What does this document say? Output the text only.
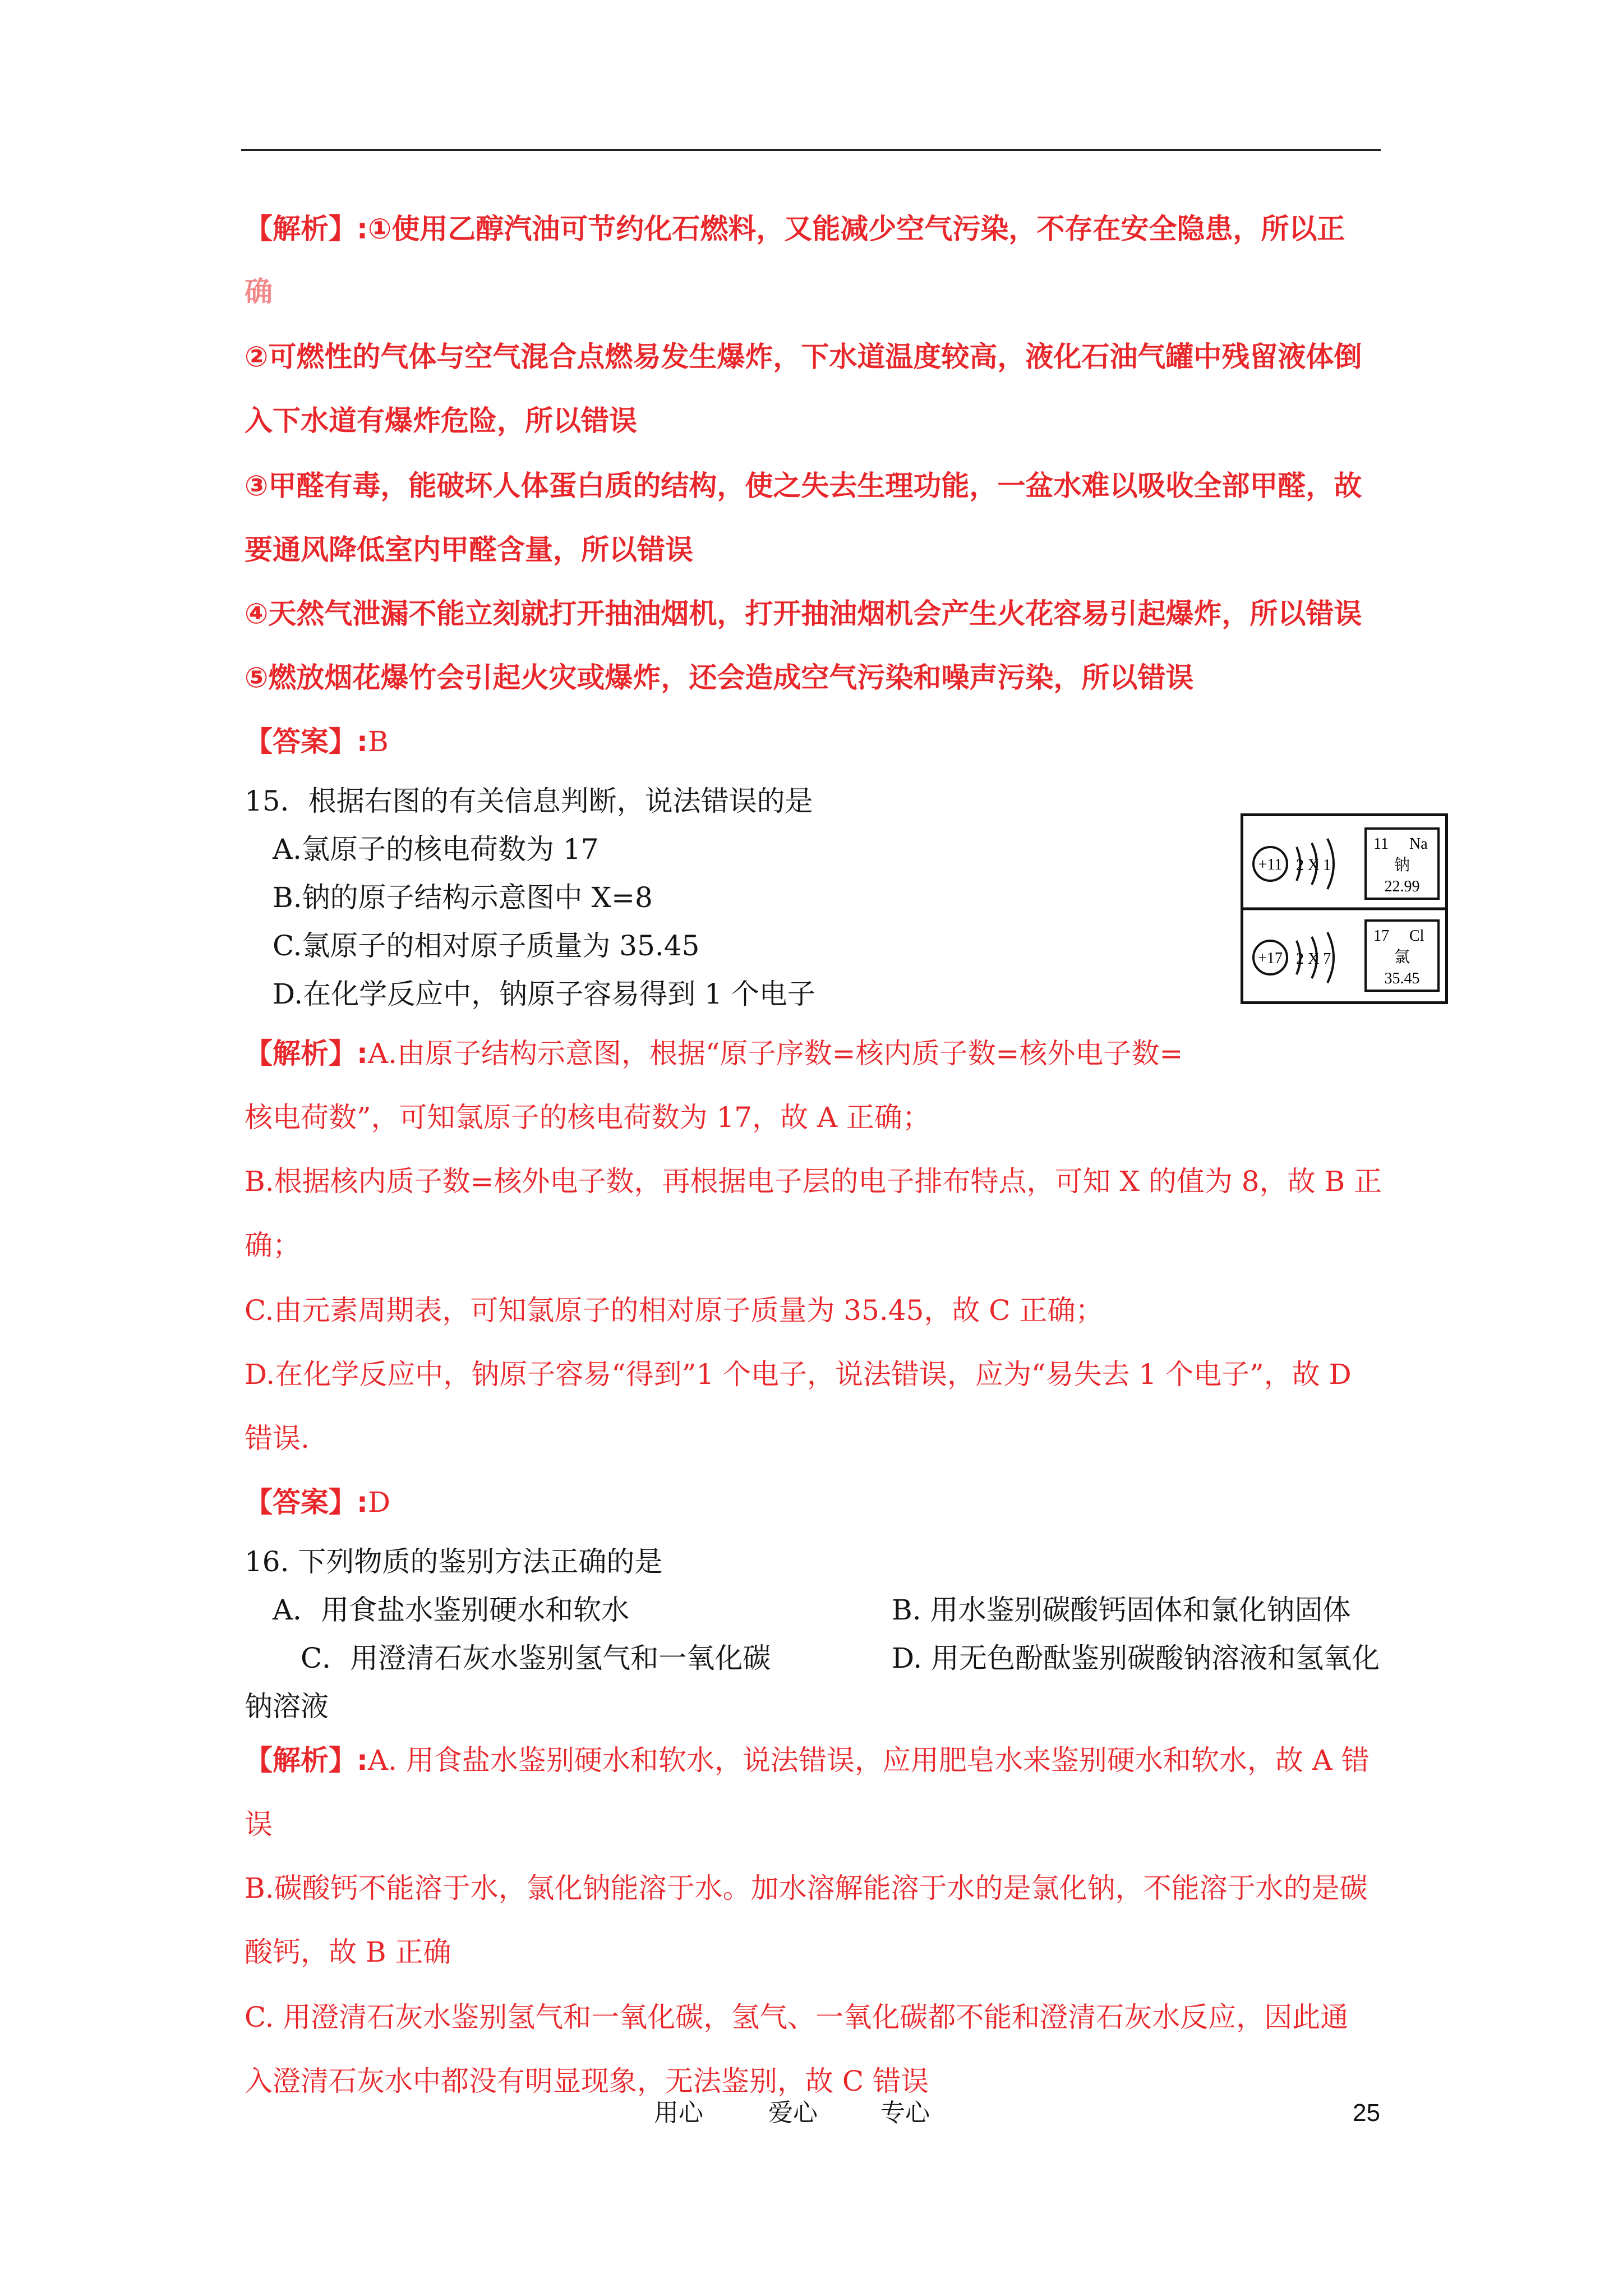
【解析】:①使用乙醇汽油可节约化石燃料，又能减少空气污染，不存在安全隐患，所以正
确
②可燃性的气体与空气混合点燃易发生爆炸，下水道温度较高，液化石油气罐中残留液体倒
入下水道有爆炸危险，所以错误
③甲醛有毒，能破坏人体蛋白质的结构，使之失去生理功能，一盆水难以吸收全部甲醛，故
要通风降低室内甲醛含量，所以错误
④天然气泄漏不能立刻就打开抽油烟机，打开抽油烟机会产生火花容易引起爆炸，所以错误
⑤燃放烟花爆竹会引起火灾或爆炸，还会造成空气污染和噪声污染，所以错误
【答案】:B
15．根据右图的有关信息判断，说法错误的是
A.氯原子的核电荷数为 17
B.钠的原子结构示意图中 X=8
C.氯原子的相对原子质量为 35.45
D.在化学反应中，钠原子容易得到 1 个电子
+11 2 X 1
11 Na
钠
22.99
+17 2 X 7
17 Cl
氯
35.45
【解析】:A.由原子结构示意图，根据“原子序数=核内质子数=核外电子数=
核电荷数”，可知氯原子的核电荷数为 17，故 A 正确；
B.根据核内质子数=核外电子数，再根据电子层的电子排布特点，可知 X 的值为 8，故 B 正
确；
C.由元素周期表，可知氯原子的相对原子质量为 35.45，故 C 正确；
D.在化学反应中，钠原子容易“得到”1 个电子，说法错误，应为“易失去 1 个电子”，故 D
错误.
【答案】:D
16. 下列物质的鉴别方法正确的是
A．用食盐水鉴别硬水和软水	B. 用水鉴别碳酸钙固体和氯化钠固体
C．用澄清石灰水鉴别氢气和一氧化碳	D. 用无色酚酞鉴别碳酸钠溶液和氢氧化
钠溶液
【解析】:A. 用食盐水鉴别硬水和软水，说法错误，应用肥皂水来鉴别硬水和软水，故 A 错
误
B.碳酸钙不能溶于水，氯化钠能溶于水。加水溶解能溶于水的是氯化钠，不能溶于水的是碳
酸钙，故 B 正确
C. 用澄清石灰水鉴别氢气和一氧化碳，氢气、一氧化碳都不能和澄清石灰水反应，因此通
入澄清石灰水中都没有明显现象，无法鉴别，故 C 错误
用心	爱心	专心	25
